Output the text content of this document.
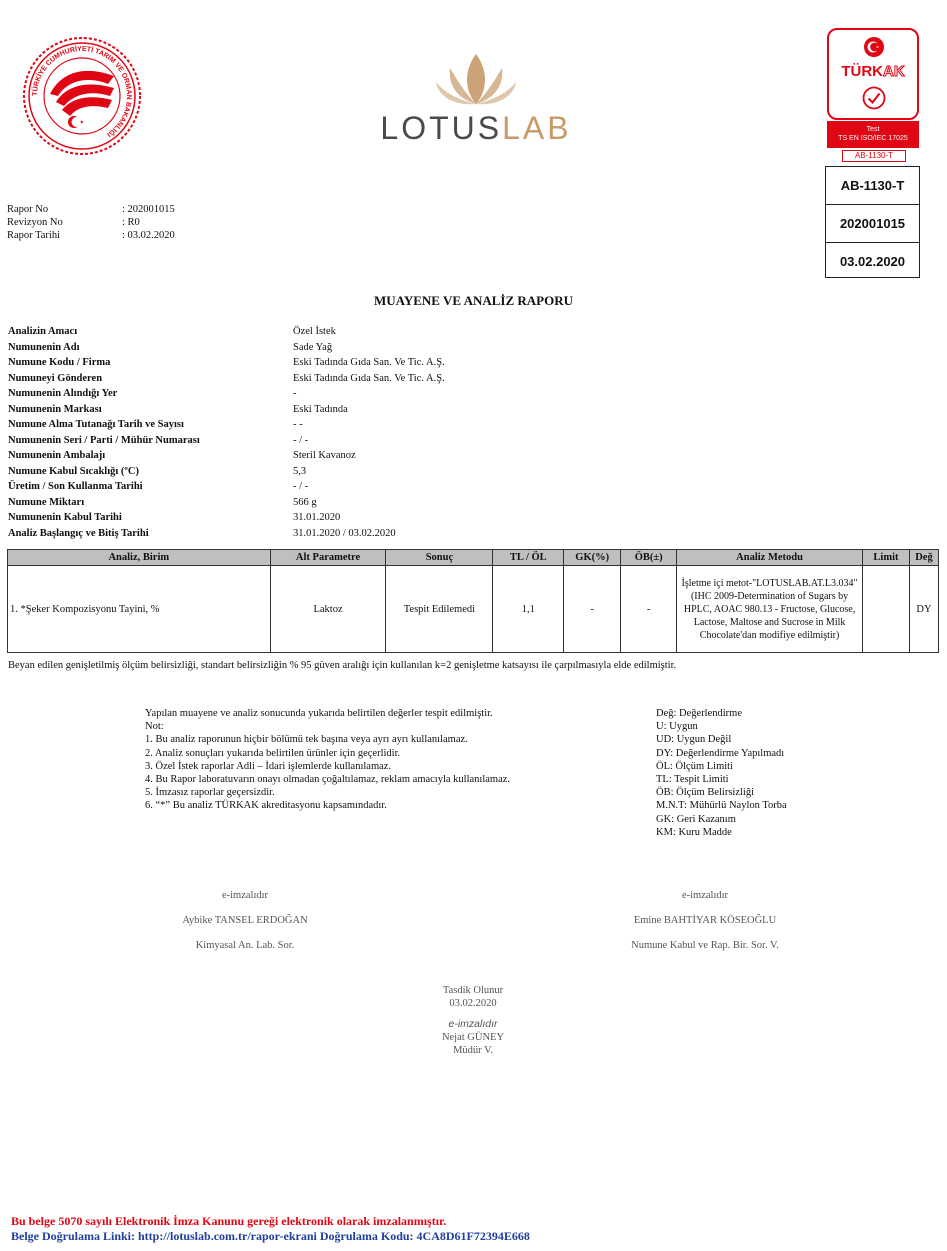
TÜRKİYE CUMHURİYETİ TARIM VE ORMAN BAKANLIĞI	LOTUSLAB
TÜRKAK
Test
TS EN ISO/IEC 17025
AB-1130-T
AB-1130-T
202001015
03.02.2020
Rapor No	: 202001015
Revizyon No	: R0
Rapor Tarihi	: 03.02.2020
MUAYENE VE ANALİZ RAPORU
Analizin Amacı	Özel İstek
Numunenin Adı	Sade Yağ
Numune Kodu / Firma	Eski Tadında Gıda San. Ve Tic. A.Ş.
Numuneyi Gönderen	Eski Tadında Gıda San. Ve Tic. A.Ş.
Numunenin Alındığı Yer	-
Numunenin Markası	Eski Tadında
Numune Alma Tutanağı Tarih ve Sayısı	- -
Numunenin Seri / Parti / Mühür Numarası	- / -
Numunenin Ambalajı	Steril Kavanoz
Numune Kabul Sıcaklığı (ºC)	5,3
Üretim / Son Kullanma Tarihi	- / -
Numune Miktarı	566 g
Numunenin Kabul Tarihi	31.01.2020
Analiz Başlangıç ve Bitiş Tarihi	31.01.2020 / 03.02.2020
Analiz, Birim	Alt Parametre	Sonuç	TL / ÖL	GK(%)	ÖB(±)	Analiz Metodu	Limit	Değ
1. *Şeker Kompozisyonu Tayini, %	Laktoz	Tespit Edilemedi	1,1	-	-	İşletme içi metot-"LOTUSLAB.AT.L3.034" (IHC 2009-Determination of Sugars by HPLC, AOAC 980.13 - Fructose, Glucose, Lactose, Maltose and Sucrose in Milk Chocolate'dan modifiye edilmiştir)		DY
Beyan edilen genişletilmiş ölçüm belirsizliği, standart belirsizliğin % 95 güven aralığı için kullanılan k=2 genişletme katsayısı ile çarpılmasıyla elde edilmiştir.
Yapılan muayene ve analiz sonucunda yukarıda belirtilen değerler tespit edilmiştir.
Not:
1. Bu analiz raporunun hiçbir bölümü tek başına veya ayrı ayrı kullanılamaz.
2. Analiz sonuçları yukarıda belirtilen ürünler için geçerlidir.
3. Özel İstek raporlar Adli – İdari işlemlerde kullanılamaz.
4. Bu Rapor laboratuvarın onayı olmadan çoğaltılamaz, reklam amacıyla kullanılamaz.
5. İmzasız raporlar geçersizdir.
6. “*” Bu analiz TÜRKAK akreditasyonu kapsamındadır.
Değ: Değerlendirme
U: Uygun
UD: Uygun Değil
DY: Değerlendirme Yapılmadı
ÖL: Ölçüm Limiti
TL: Tespit Limiti
ÖB: Ölçüm Belirsizliği
M.N.T: Mühürlü Naylon Torba
GK: Geri Kazanım
KM: Kuru Madde
e-imzalıdır
Aybike TANSEL ERDOĞAN
Kimyasal An. Lab. Sor.
e-imzalıdır
Emine BAHTİYAR KÖSEOĞLU
Numune Kabul ve Rap. Bir. Sor. V.
Tasdik Olunur
03.02.2020
e-imzalıdır
Nejat GÜNEY
Müdür V.
Bu belge 5070 sayılı Elektronik İmza Kanunu gereği elektronik olarak imzalanmıştır.
Belge Doğrulama Linki: http://lotuslab.com.tr/rapor-ekrani Doğrulama Kodu: 4CA8D61F72394E668
